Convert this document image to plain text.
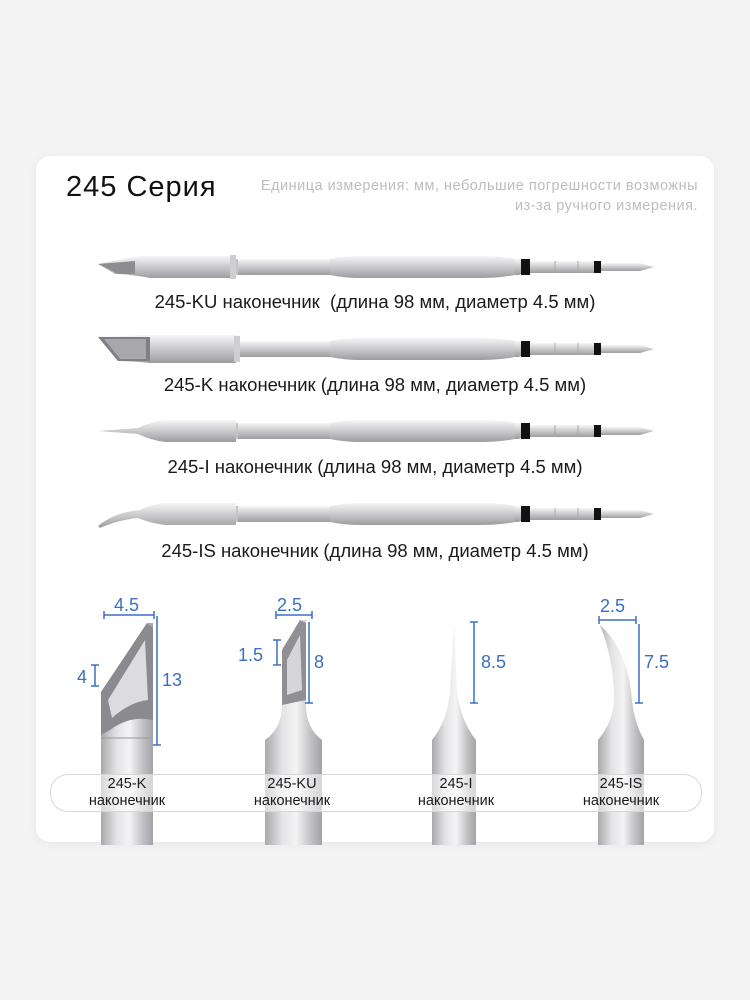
245 Серия	Единица измерения: мм, небольшие погрешности возможны из-за ручного измерения.
4.5
4	13
2.5
1.5	8	8.5
2.5
7.5
245-KU наконечник (длина 98 мм, диаметр 4.5 мм)
245-K наконечник (длина 98 мм, диаметр 4.5 мм)
245-I наконечник (длина 98 мм, диаметр 4.5 мм)
245-IS наконечник (длина 98 мм, диаметр 4.5 мм)
245-K
наконечник
245-KU
наконечник
245-I
наконечник
245-IS
наконечник
